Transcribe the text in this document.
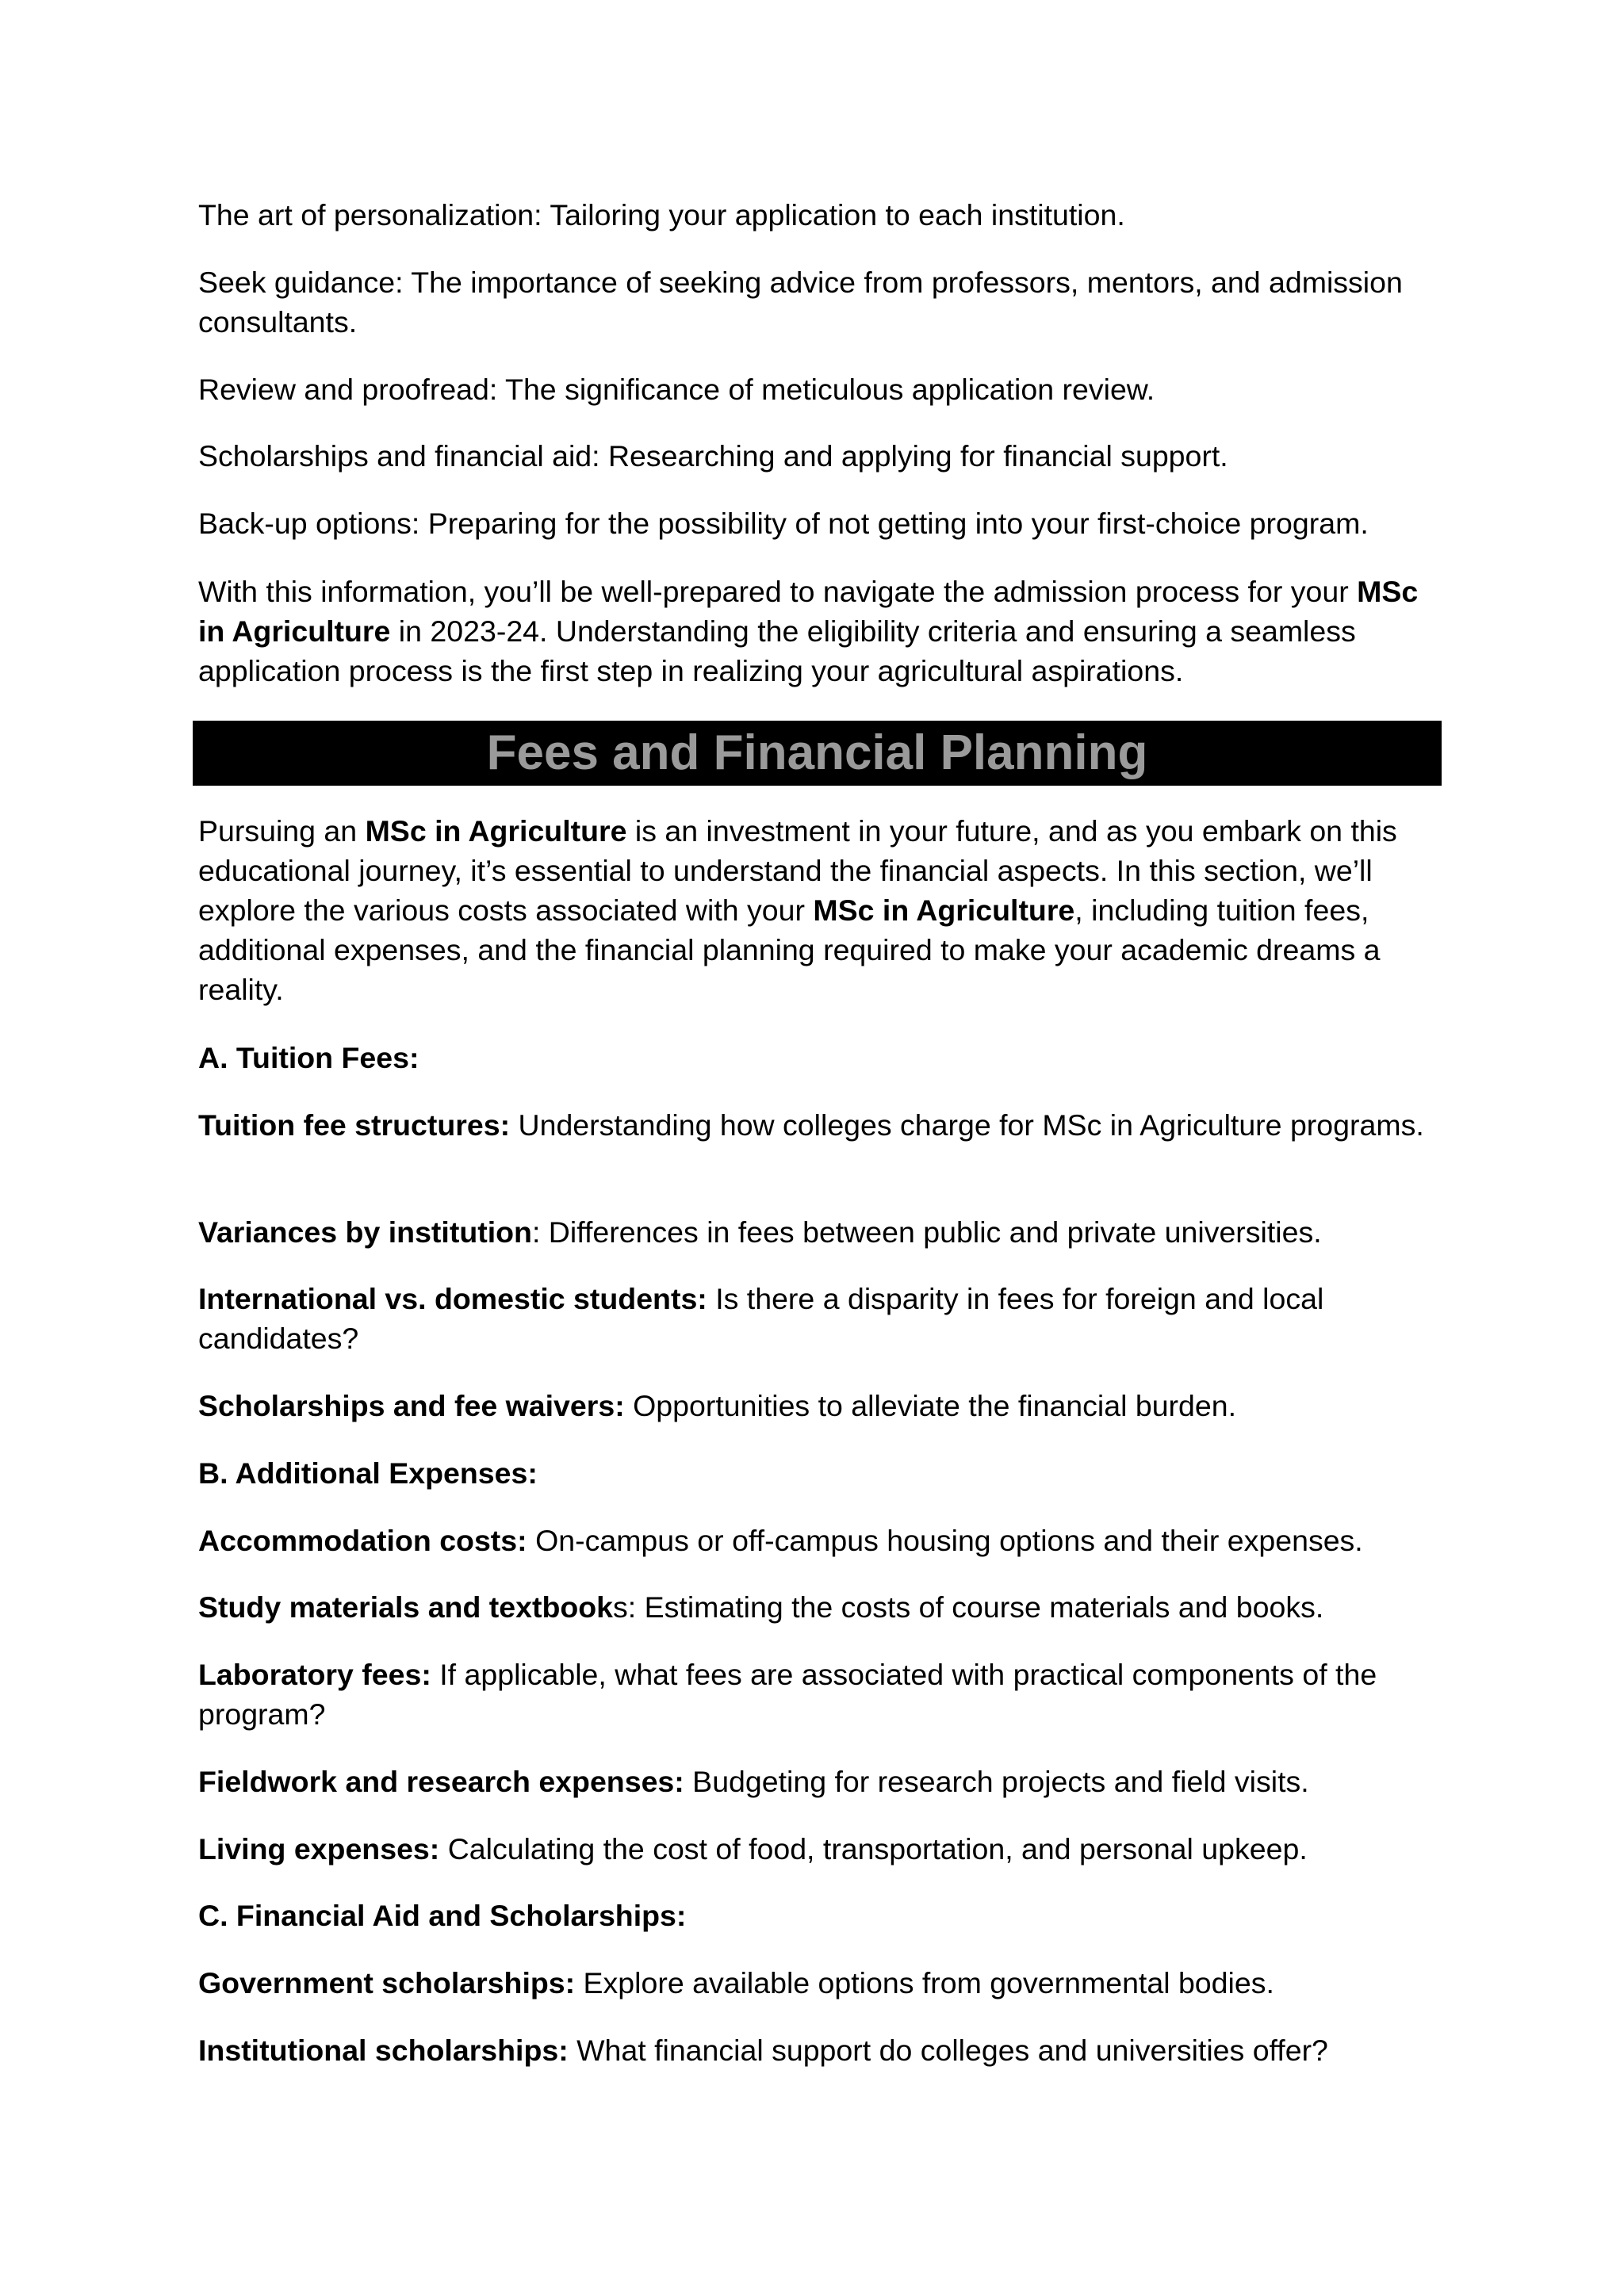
The art of personalization: Tailoring your application to each institution.

Seek guidance: The importance of seeking advice from professors, mentors, and admission consultants.

Review and proofread: The significance of meticulous application review.

Scholarships and financial aid: Researching and applying for financial support.

Back-up options: Preparing for the possibility of not getting into your first-choice program.

With this information, you’ll be well-prepared to navigate the admission process for your MSc in Agriculture in 2023-24. Understanding the eligibility criteria and ensuring a seamless application process is the first step in realizing your agricultural aspirations.

Pursuing an MSc in Agriculture is an investment in your future, and as you embark on this educational journey, it’s essential to understand the financial aspects. In this section, we’ll explore the various costs associated with your MSc in Agriculture, including tuition fees, additional expenses, and the financial planning required to make your academic dreams a reality.

A. Tuition Fees:

Tuition fee structures: Understanding how colleges charge for MSc in Agriculture programs.

Variances by institution: Differences in fees between public and private universities.

International vs. domestic students: Is there a disparity in fees for foreign and local candidates?

Scholarships and fee waivers: Opportunities to alleviate the financial burden.

B. Additional Expenses:

Accommodation costs: On-campus or off-campus housing options and their expenses.

Study materials and textbooks: Estimating the costs of course materials and books.

Laboratory fees: If applicable, what fees are associated with practical components of the program?

Fieldwork and research expenses: Budgeting for research projects and field visits.

Living expenses: Calculating the cost of food, transportation, and personal upkeep.

C. Financial Aid and Scholarships:

Government scholarships: Explore available options from governmental bodies.

Institutional scholarships: What financial support do colleges and universities offer?

Fees and Financial Planning
